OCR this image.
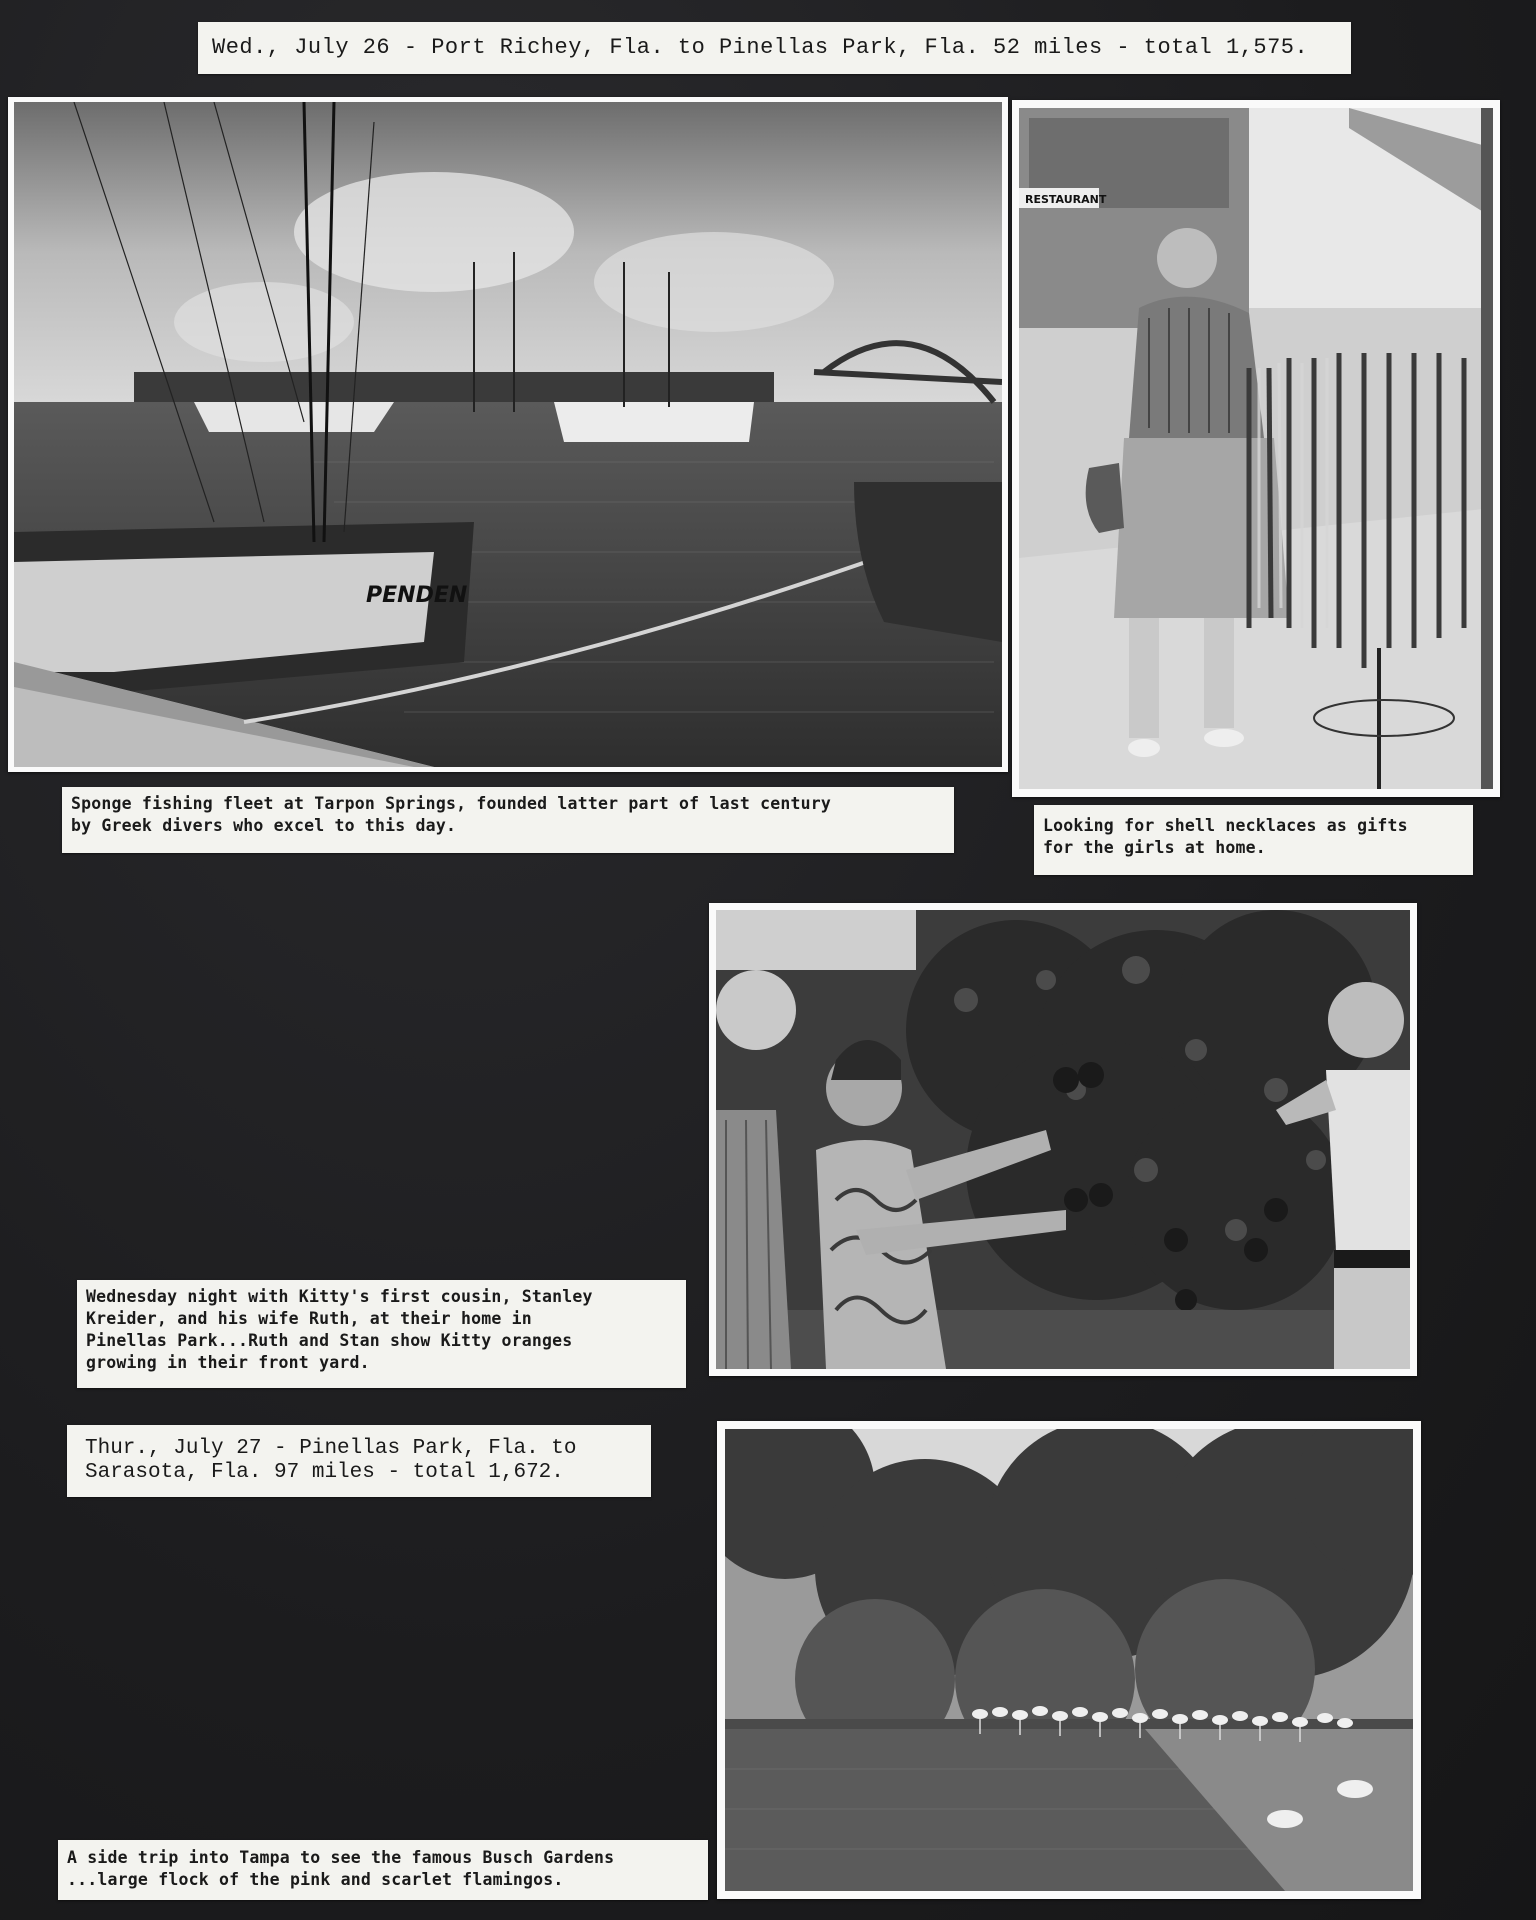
Wed., July 26 - Port Richey, Fla. to Pinellas Park, Fla. 52 miles - total 1,575.
PENDEN
RESTAURANT
Sponge fishing fleet at Tarpon Springs, founded latter part of last century
by Greek divers who excel to this day.	Looking for shell necklaces as gifts
for the girls at home.
Wednesday night with Kitty's first cousin, Stanley
Kreider, and his wife Ruth, at their home in
Pinellas Park...Ruth and Stan show Kitty oranges
growing in their front yard.
Thur., July 27 - Pinellas Park, Fla. to
Sarasota, Fla. 97 miles - total 1,672.
A side trip into Tampa to see the famous Busch Gardens
...large flock of the pink and scarlet flamingos.
